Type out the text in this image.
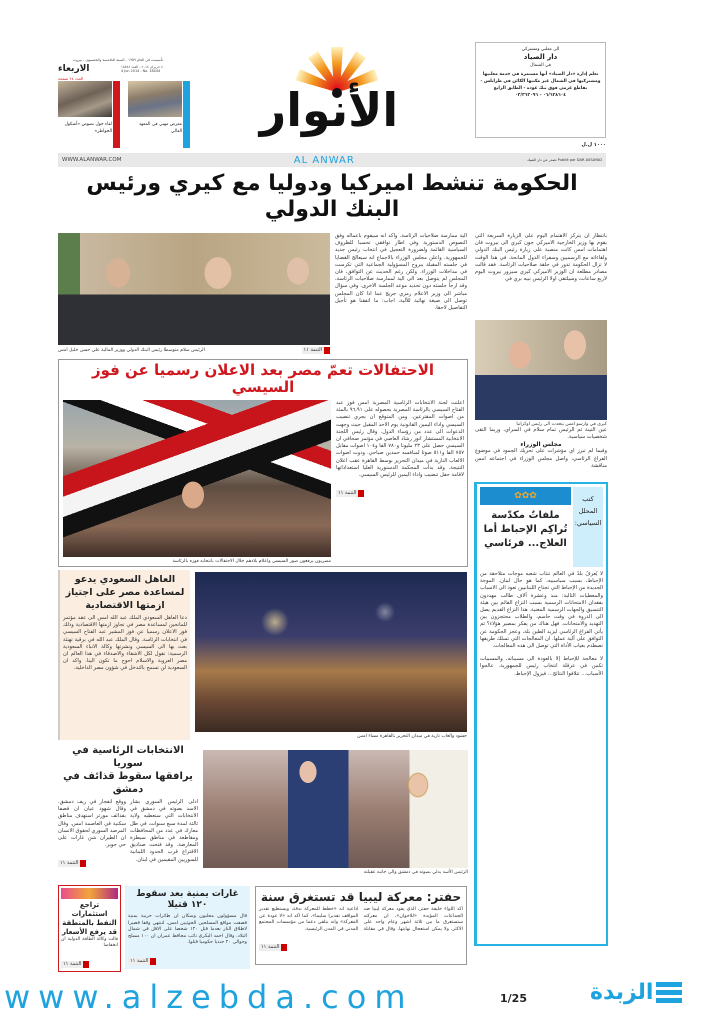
تأسست في العام ١٩٥٩ - السنة الخامسة والخمسون - بيروت
٤ حزيران ٢٠١٤ - العدد ١٨٥٤٤
4 Jun 2014 - No. 18444
الاربعاء
العدد ٢٤ صفحة
لقاء حول نصوص «أشكول الخواطر»
معرض مهني في المعهد العالي	الأنوار
الى معلني ومشتركي
دار الصياد
في الشمال
تعلم إدارة «دار الصياد» أنها مستمرة في خدمة معلنيها ومشتركيها في الشمال عبر مكتبها الكائن في طرابلس - تقاطع عزمي فوق بنك عوده - الطابق الرابع
٠٦/٦٢٨٦٠٤ - ٠٣/٣٦٣٠٩٦
١٠٠٠ ل.ل
WWW.ALANWAR.COM	AL ANWAR	تصدر عن دار الصياد Publié par DAR ASSAYAD
الحكومة تنشط اميركيا ودوليا مع كيري ورئيس البنك الدولي
التتمة ١١
الرئيس سلام متوسطا رئيس البنك الدولي ووزير المالية علي حسن خليل امس
الية ممارسة صلاحيات الرئاسة. واكد انه سيقوم باعماله وفق النصوص الدستورية وفي اطار توافقي تحسبا للظروف السياسية القائمة ولضرورة التعجيل في انتخاب رئيس جديد للجمهورية. واعلن مجلس الوزراء بالاجماع انه سيعالج القضايا في جلسته المقبلة ببروح المسؤولية الجماعية التي تكرست في مداخلات الوزراء. ولكن رغم الحديث عن التوافق، فان المجلس لم يتوصل بعد الى الية لممارسة صلاحيات الرئاسة، وقد ارجأ جلسته دون تحديد موعد الجلسة الاخرى. وفي سؤال مباشر الى وزير الاعلام رمزي جريج عما اذا كان المجلس توصل الى صيغة نهائية للآلية، اجاب: ما اتفقنا هو تأجيل التفاصيل لاحقا.
بانتظار ان يتركز الاهتمام اليوم على الزيارة السريعة التي يقوم بها وزير الخارجية الاميركي جون كيري الى بيروت فان اهتمامات امس كانت منصبة على زيارة رئيس البنك الدولي ولقاءاته مع الرسميين وسفراء الدول المانحة. في هذا الوقت لا تزال الحكومة تدور في حلقة صلاحيات الرئاسة. فقد قالت مصادر مطلعة ان الوزير الاميركي كيري سيزور بيروت اليوم لاربع ساعات، وسيلتقي اولا الرئيس نبيه بري في
كيري في وارسو امس يتحدث الى رئيس اوكرانيا
عين التينة ثم الرئيس تمام سلام في السراي، وربما التقى شخصيات سياسية.
مجلس الوزراء
وفيما لم تبرز اي مؤشرات على تحريك الجمود في موضوع الفراغ الرئاسي، واصل مجلس الوزراء في اجتماعه امس مناقشة
الاحتفالات تعمّ مصر بعد الاعلان رسميا عن فوز السيسي
مصريون يرفعون صور السيسي واعلام بلادهم خلال الاحتفالات بانتخابه فوزه بالرئاسة
اعلنت لجنة الانتخابات الرئاسية المصرية امس فوز عبد الفتاح السيسي بالرئاسة المصرية بحصوله على ٩٦,٩١ بالمئة من اصوات المقترعين. ومن المتوقع ان يجري تنصيب السيسي واداء اليمين القانونية يوم الاحد المقبل حيث وجهت الدعوات الى عدد من رؤساء الدول. وقال رئيس اللجنة الانتخابية المستشار انور رشاد العاصي في مؤتمر صحافي ان السيسي حصل على ٢٣ مليونا و٧٨٠ الفا و١٠٤ اصوات مقابل ٧٥٧ الفا و٥١١ صوتا لمنافسه حمدين صباحي. ودوت اصوات الالعاب النارية في ميدان التحرير بوسط القاهرة عقب اعلان النتيجة. وقد بدأت المحكمة الدستورية العليا استعداداتها لاقامة حفل تنصيب واداء اليمين للرئيس السيسي.
التتمة ١١	✿✿✿
ملفاتٌ مكدّسة تُراكِم الإحباط أما العلاج... فرئاسي
كتب المحلل السياسي:
لا يُعرفُ بلدٌ في العالم تنتاب شعبه موجات متلاحقة من الإحباط، بسبب سياسييه، كما هو حال لبنان. الموجة الجديدة من الإحباط التي تجتاح اللبنانيين تعود الى الاسباب والمعطيات التالية: منذ وعشرة آلاف طالب مهددون بفقدان الامتحانات الرسمية بسبب النزاع القائم بين هيئة التنسيق والجهات الرسمية المعنية. هذا النزاع القديم يصل الى الذروة في وقت حاسم، والطلاب محتجزون بين التهديد والامتحانات. فهل هناك من يفكر بمصير هؤلاء؟ ثم يأتي الفراغ الرئاسي ليزيد الطين بلة، وعجز الحكومة عن التوافق على آلية عملها. ان المعالجات التي تسلك طريقها تصطدم بغياب الأداة التي توصل الى هذه المعالجات.
لا معالجة للإحباط إلا بالعودة الى مسبباته، والمسببات تكمن في عرقلة انتخاب رئيس للجمهورية. عالجوا الأسباب... تتلافوا النتائج... فيزول الإحباط.
العاهل السعودي يدعو لمساعدة مصر على اجتياز ازمتها الاقتصادية
دعا العاهل السعودي الملك عبد الله امس الى عقد مؤتمر للمانحين لمساعدة مصر في تجاوز ازمتها الاقتصادية وذلك فور الاعلان رسميا عن فوز المشير عبد الفتاح السيسي في انتخابات الرئاسة. وقال الملك عبد الله في برقية تهنئة بعث بها الى السيسي ونشرتها وكالة الانباء السعودية الرسمية: نقول لكل الاشقاء والاصدقاء في هذا العالم ان مصر العروبة والاسلام احوج ما تكون الينا. واكد ان السعودية لن تسمح بالتدخل في شؤون مصر الداخلية.
حشود والعاب نارية في ميدان التحرير بالقاهرة مساء امس
الانتخابات الرئاسية في سوريا
يرافقها سقوط قذائف في دمشق
ادلى الرئيس السوري بشار الاسد بصوته في دمشق في الانتخابات التي ستعطيه ولاية ثالثة لمدة سبع سنوات، في ظل معارك في عدد من المحافظات ومقاطعة في مناطق سيطرة المعارضة. وقد فتحت صناديق الاقتراع قرب الحدود اللبنانية للسوريين المقيمين في لبنان.
ووقع انفجار في ريف دمشق. وقال شهود عيان ان قصفا بقذائف مورتر استهدف مناطق سكنية في العاصمة امس. وقال المرصد السوري لحقوق الانسان ان الطيران شن غارات على حي جوبر.
التتمة ١١
الرئيس الأسد يدلي بصوته في دمشق والى جانبه عقيلته
تراجع استثمارات النفط بالمنطقة قد يرفع الأسعار
قالت وكالة الطاقة الدولية ان انخفاضا
التتمة ١١
غارات يمنية بعد سقوط ١٢٠ قتيلا
قال مسؤولون محليون وسكان ان طائرات حربية يمنية قصفت مواقع المسلحين الحوثيين امس، لتنتهي وقفا قصيرا لاطلاق النار بعدما قتل ١٢٠ شخصا على الاقل في شمال البلاد. وقال احمد البكري نائب محافظ عمران ان ١٠٠ مسلح وحوالى ٢٠ جنديا حكوميا قتلوا.
التتمة ١١
حفتر: معركة ليبيا قد تستغرق سنة
اكد اللواء خليفة حفتر، الذي يقود معركة ليبيا ضد الجماعات المؤيدة «للاخوان»، ان معركته ستستغرق ما بين ثلاثة اشهر وعام واحد على الاكثر، ولا يمكن استعجال نهايتها. وقال في مقابلة اذاعية انه «خطط للمعركة بدقة، ويستطيع تقدير المواقف تقديرا سليما»، كما اكد انه «لا عودة عن المعركة» وانه يتلقى دعما من مؤسسات المجتمع المدني في المدن الرئيسية.
التتمة ١١
www.alzebda.com	1/25	الزبدة
